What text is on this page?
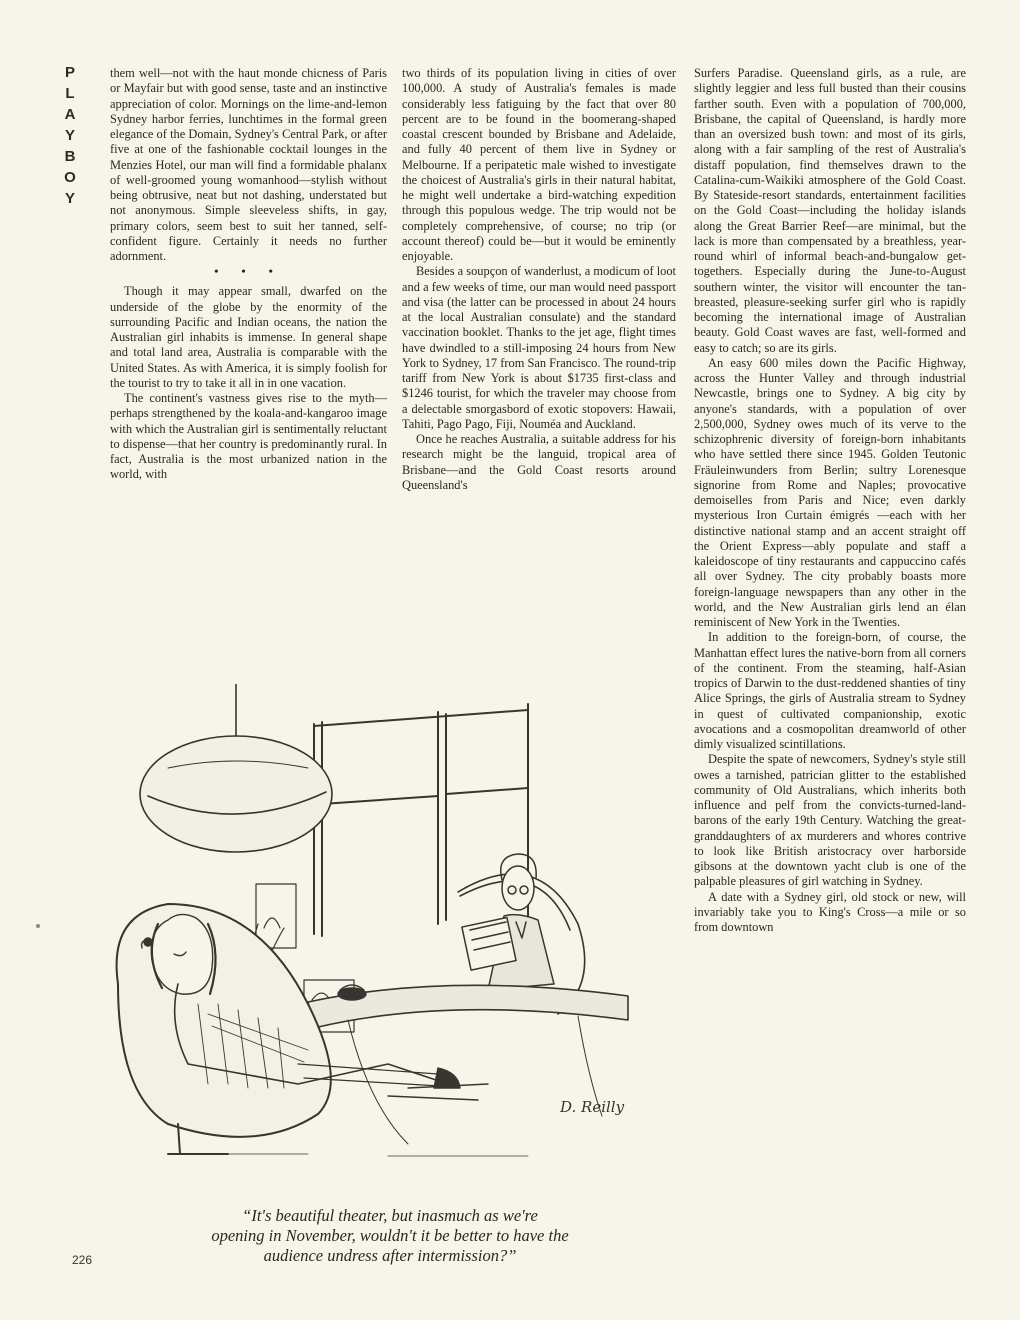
P
L
A
Y
B
O
Y

them well—not with the haut monde chicness of Paris or Mayfair but with good sense, taste and an instinctive appreciation of color. Mornings on the lime-and-lemon Sydney harbor ferries, lunchtimes in the formal green elegance of the Domain, Sydney's Central Park, or after five at one of the fashionable cocktail lounges in the Menzies Hotel, our man will find a formidable phalanx of well-groomed young womanhood—stylish without being obtrusive, neat but not dashing, understated but not anonymous. Simple sleeveless shifts, in gay, primary colors, seem best to suit her tanned, self-confident figure. Certainly it needs no further adornment.

• • •

Though it may appear small, dwarfed on the underside of the globe by the enormity of the surrounding Pacific and Indian oceans, the nation the Australian girl inhabits is immense. In general shape and total land area, Australia is comparable with the United States. As with America, it is simply foolish for the tourist to try to take it all in in one vacation.

The continent's vastness gives rise to the myth—perhaps strengthened by the koala-and-kangaroo image with which the Australian girl is sentimentally reluctant to dispense—that her country is predominantly rural. In fact, Australia is the most urbanized nation in the world, with

two thirds of its population living in cities of over 100,000. A study of Australia's females is made considerably less fatiguing by the fact that over 80 percent are to be found in the boomerang-shaped coastal crescent bounded by Brisbane and Adelaide, and fully 40 percent of them live in Sydney or Melbourne. If a peripatetic male wished to investigate the choicest of Australia's girls in their natural habitat, he might well undertake a bird-watching expedition through this populous wedge. The trip would not be completely comprehensive, of course; no trip (or account thereof) could be—but it would be eminently enjoyable.

Besides a soupçon of wanderlust, a modicum of loot and a few weeks of time, our man would need passport and visa (the latter can be processed in about 24 hours at the local Australian consulate) and the standard vaccination booklet. Thanks to the jet age, flight times have dwindled to a still-imposing 24 hours from New York to Sydney, 17 from San Francisco. The round-trip tariff from New York is about $1735 first-class and $1246 tourist, for which the traveler may choose from a delectable smorgasbord of exotic stopovers: Hawaii, Tahiti, Pago Pago, Fiji, Nouméa and Auckland.

Once he reaches Australia, a suitable address for his research might be the languid, tropical area of Brisbane—and the Gold Coast resorts around Queensland's

Surfers Paradise. Queensland girls, as a rule, are slightly leggier and less full busted than their cousins farther south. Even with a population of 700,000, Brisbane, the capital of Queensland, is hardly more than an oversized bush town: and most of its girls, along with a fair sampling of the rest of Australia's distaff population, find themselves drawn to the Catalina-cum-Waikiki atmosphere of the Gold Coast. By Stateside-resort standards, entertainment facilities on the Gold Coast—including the holiday islands along the Great Barrier Reef—are minimal, but the lack is more than compensated by a breathless, year-round whirl of informal beach-and-bungalow get-togethers. Especially during the June-to-August southern winter, the visitor will encounter the tan-breasted, pleasure-seeking surfer girl who is rapidly becoming the international image of Australian beauty. Gold Coast waves are fast, well-formed and easy to catch; so are its girls.

An easy 600 miles down the Pacific Highway, across the Hunter Valley and through industrial Newcastle, brings one to Sydney. A big city by anyone's standards, with a population of over 2,500,000, Sydney owes much of its verve to the schizophrenic diversity of foreign-born inhabitants who have settled there since 1945. Golden Teutonic Fräuleinwunders from Berlin; sultry Lorenesque signorine from Rome and Naples; provocative demoiselles from Paris and Nice; even darkly mysterious Iron Curtain émigrés —each with her distinctive national stamp and an accent straight off the Orient Express—ably populate and staff a kaleidoscope of tiny restaurants and cappuccino cafés all over Sydney. The city probably boasts more foreign-language newspapers than any other in the world, and the New Australian girls lend an élan reminiscent of New York in the Twenties.

In addition to the foreign-born, of course, the Manhattan effect lures the native-born from all corners of the continent. From the steaming, half-Asian tropics of Darwin to the dust-reddened shanties of tiny Alice Springs, the girls of Australia stream to Sydney in quest of cultivated companionship, exotic avocations and a cosmopolitan dreamworld of other dimly visualized scintillations.

Despite the spate of newcomers, Sydney's style still owes a tarnished, patrician glitter to the established community of Old Australians, which inherits both influence and pelf from the convicts-turned-land-barons of the early 19th Century. Watching the great-granddaughters of ax murderers and whores contrive to look like British aristocracy over harborside gibsons at the downtown yacht club is one of the palpable pleasures of girl watching in Sydney.

A date with a Sydney girl, old stock or new, will invariably take you to King's Cross—a mile or so from downtown

D. Reilly
“It's beautiful theater, but inasmuch as we're
opening in November, wouldn't it be better to have the
audience undress after intermission?”
226
